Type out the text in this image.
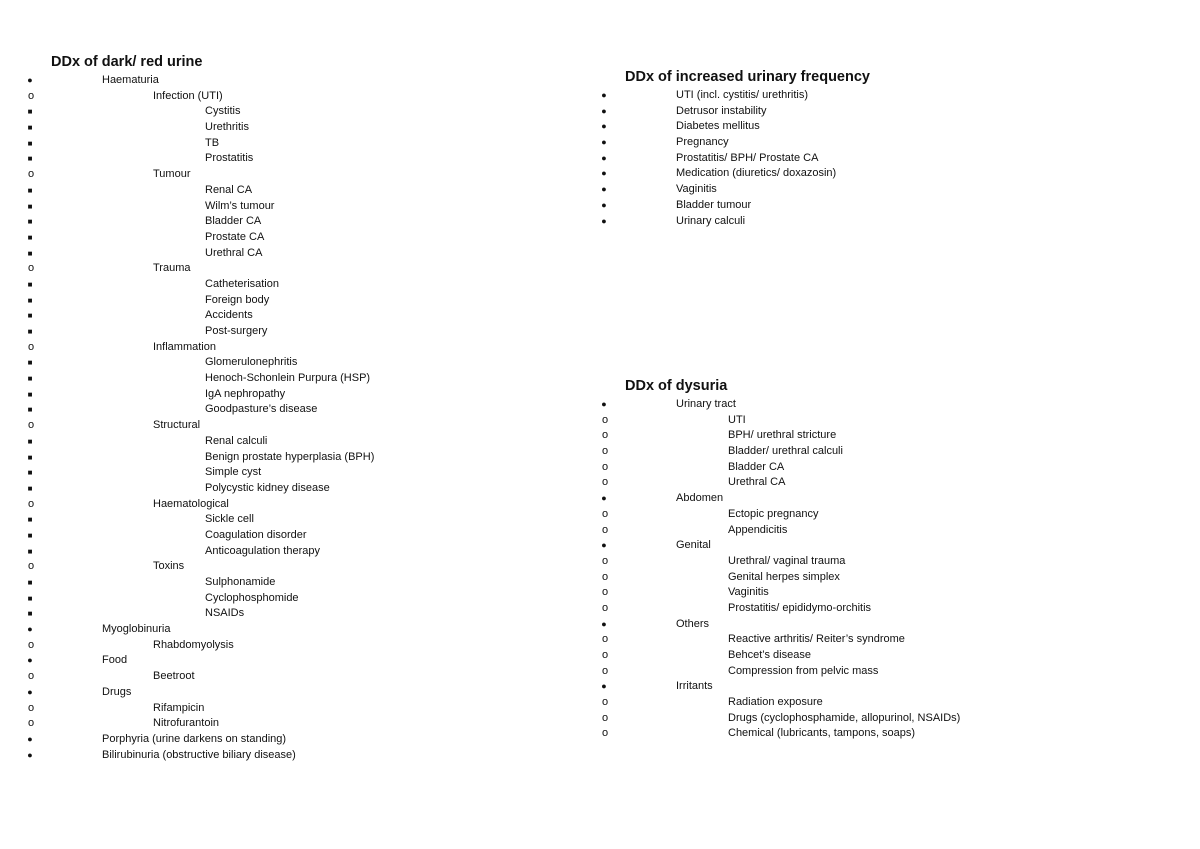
DDx of dark/ red urine
●	Haematuria
o	Infection (UTI)
■	Cystitis
■	Urethritis
■	TB
■	Prostatitis
o	Tumour
■	Renal CA
■	Wilm’s tumour
■	Bladder CA
■	Prostate CA
■	Urethral CA
o	Trauma
■	Catheterisation
■	Foreign body
■	Accidents
■	Post-surgery
o	Inflammation
■	Glomerulonephritis
■	Henoch-Schonlein Purpura (HSP)
■	IgA nephropathy
■	Goodpasture’s disease
o	Structural
■	Renal calculi
■	Benign prostate hyperplasia (BPH)
■	Simple cyst
■	Polycystic kidney disease
o	Haematological
■	Sickle cell
■	Coagulation disorder
■	Anticoagulation therapy
o	Toxins
■	Sulphonamide
■	Cyclophosphomide
■	NSAIDs
●	Myoglobinuria
o	Rhabdomyolysis
●	Food
o	Beetroot
●	Drugs
o	Rifampicin
o	Nitrofurantoin
●	Porphyria (urine darkens on standing)
●	Bilirubinuria (obstructive biliary disease)
DDx of increased urinary frequency
●	UTI (incl. cystitis/ urethritis)
●	Detrusor instability
●	Diabetes mellitus
●	Pregnancy
●	Prostatitis/ BPH/ Prostate CA
●	Medication (diuretics/ doxazosin)
●	Vaginitis
●	Bladder tumour
●	Urinary calculi
DDx of dysuria
●	Urinary tract
o	UTI
o	BPH/ urethral stricture
o	Bladder/ urethral calculi
o	Bladder CA
o	Urethral CA
●	Abdomen
o	Ectopic pregnancy
o	Appendicitis
●	Genital
o	Urethral/ vaginal trauma
o	Genital herpes simplex
o	Vaginitis
o	Prostatitis/ epididymo-orchitis
●	Others
o	Reactive arthritis/ Reiter’s syndrome
o	Behcet’s disease
o	Compression from pelvic mass
●	Irritants
o	Radiation exposure
o	Drugs (cyclophosphamide, allopurinol, NSAIDs)
o	Chemical (lubricants, tampons, soaps)
